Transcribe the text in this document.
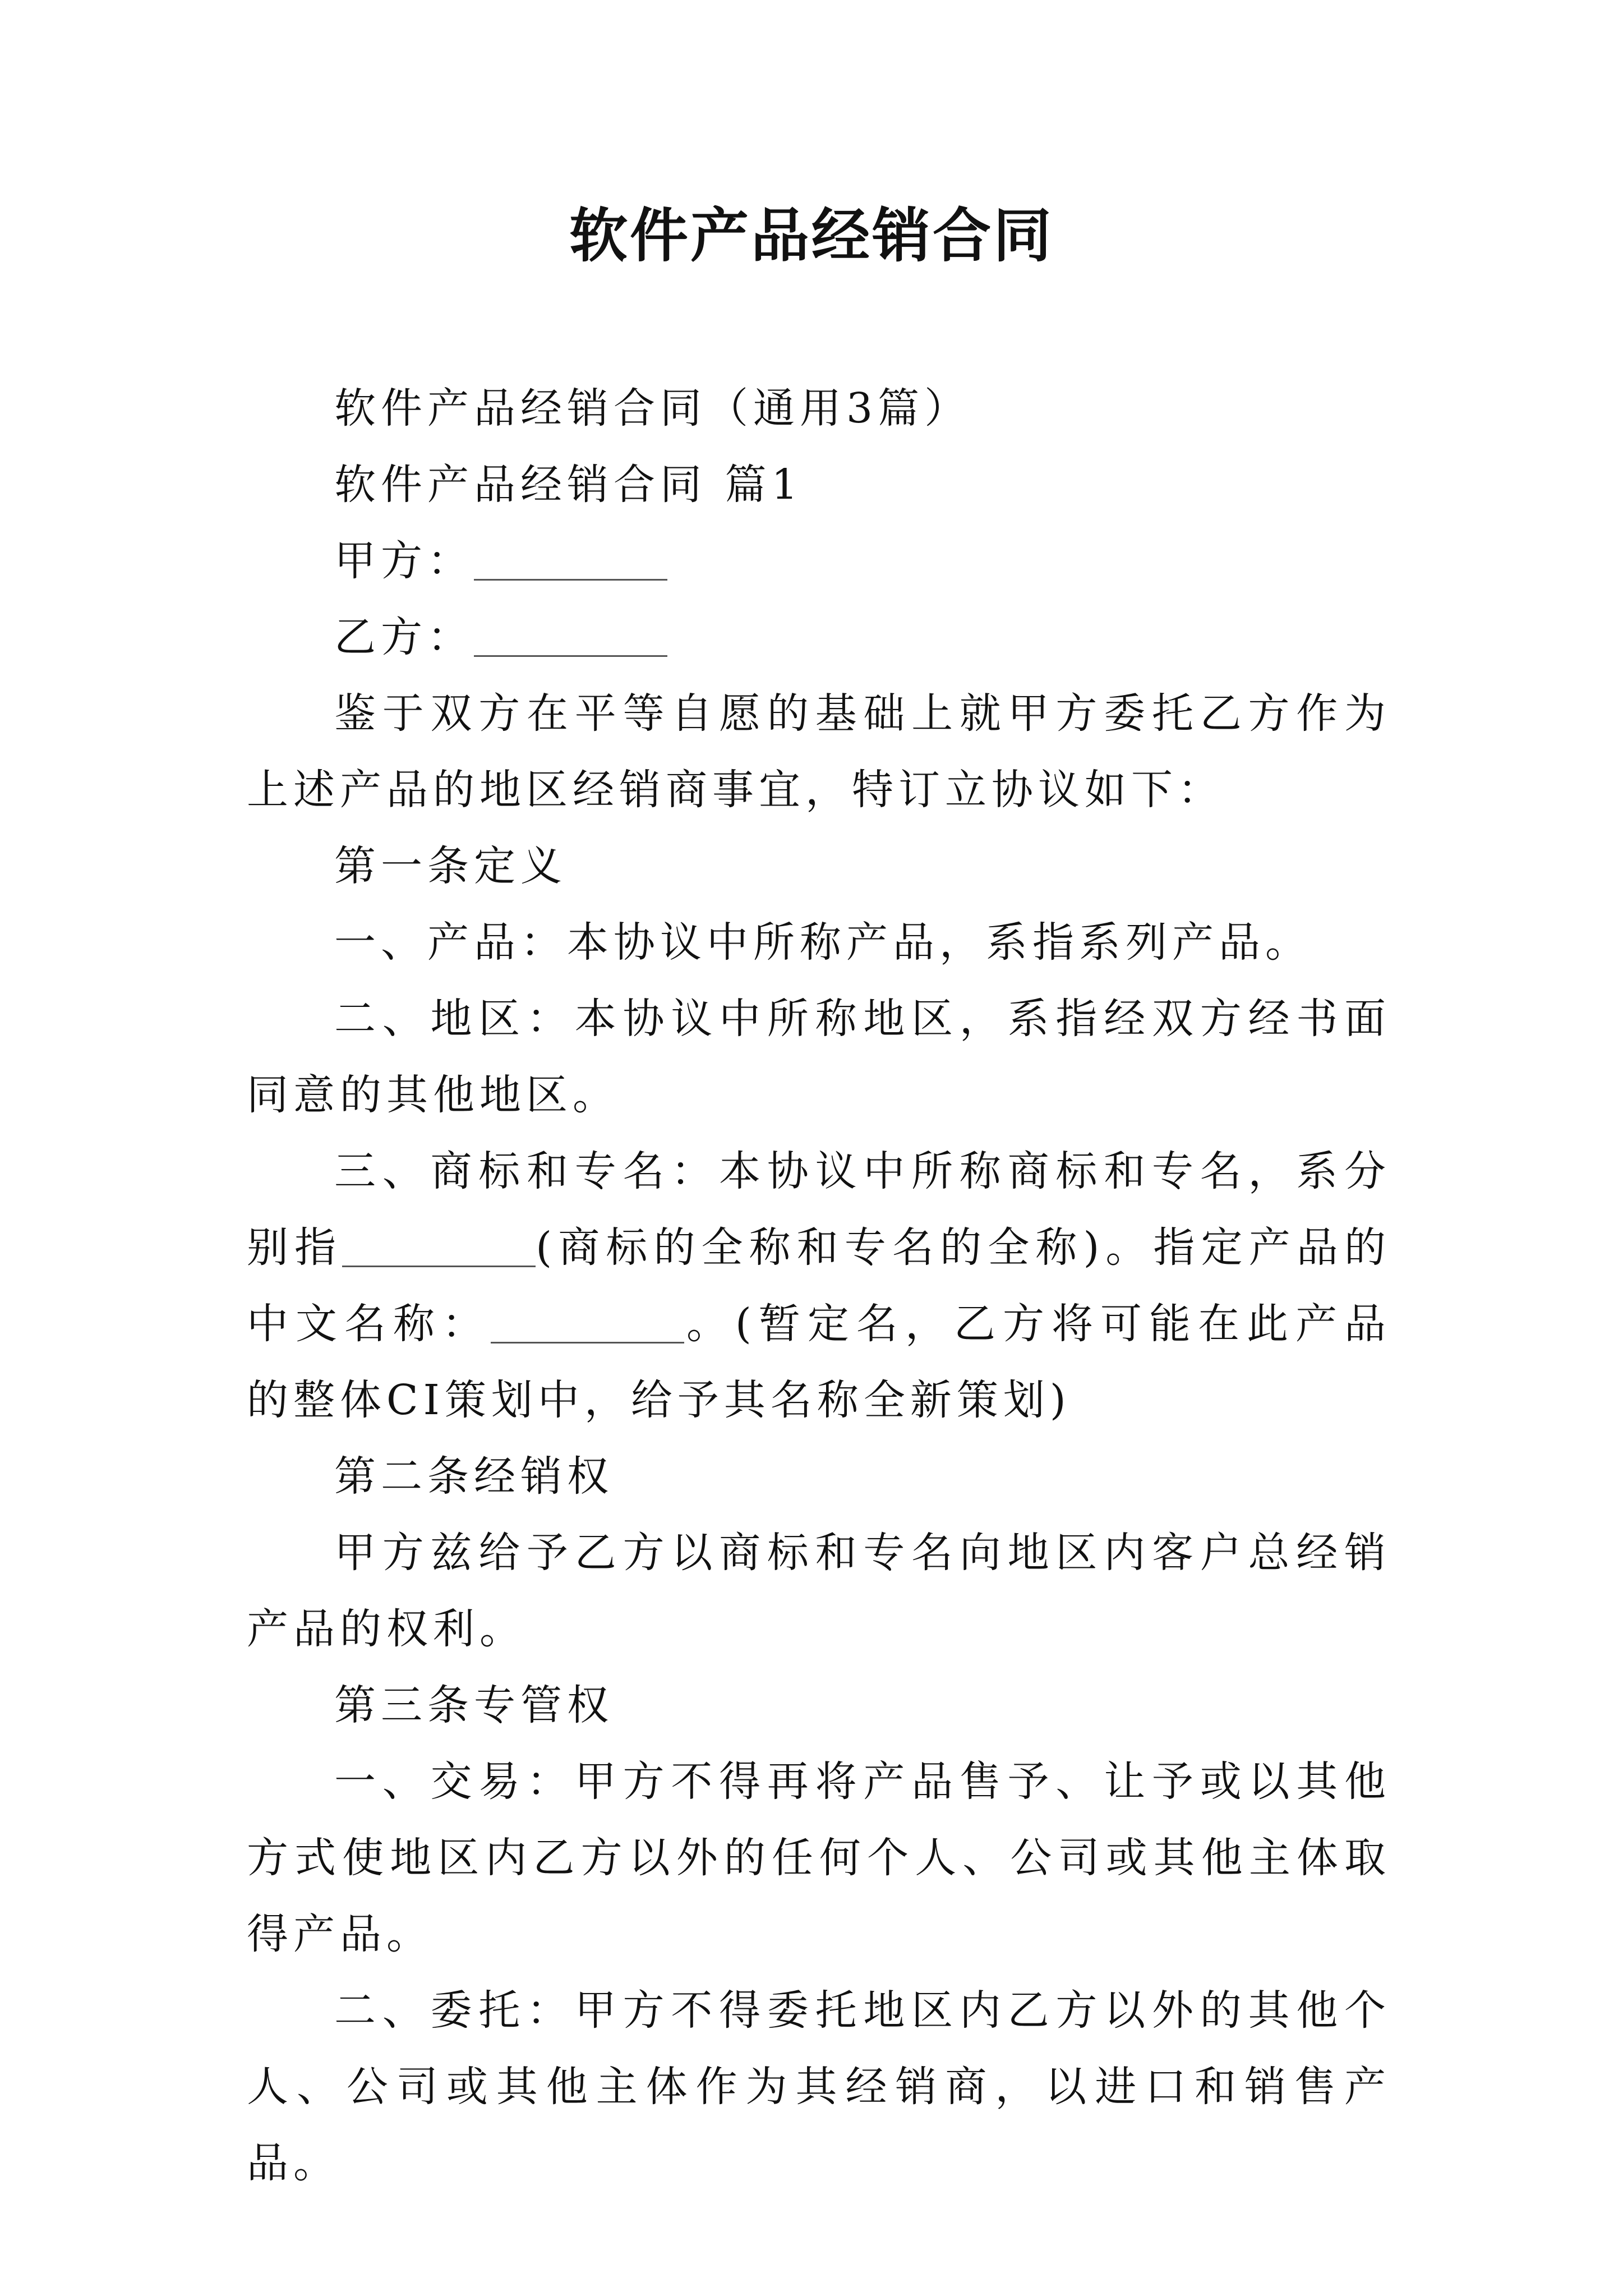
软件产品经销合同

软件产品经销合同（通用3篇）

软件产品经销合同 篇1

甲方：

乙方：

鉴于双方在平等自愿的基础上就甲方委托乙方作为上述产品的地区经销商事宜，特订立协议如下：

第一条定义

一、产品：本协议中所称产品，系指系列产品。

二、地区：本协议中所称地区，系指经双方经书面同意的其他地区。

三、商标和专名：本协议中所称商标和专名，系分别指	(商标的全称和专名的全称)。指定产品的中文名称：	。(暂定名，乙方将可能在此产品的整体CI策划中，给予其名称全新策划)

第二条经销权

甲方兹给予乙方以商标和专名向地区内客户总经销产品的权利。

第三条专管权

一、交易：甲方不得再将产品售予、让予或以其他方式使地区内乙方以外的任何个人、公司或其他主体取得产品。

二、委托：甲方不得委托地区内乙方以外的其他个人、公司或其他主体作为其经销商，以进口和销售产品。
